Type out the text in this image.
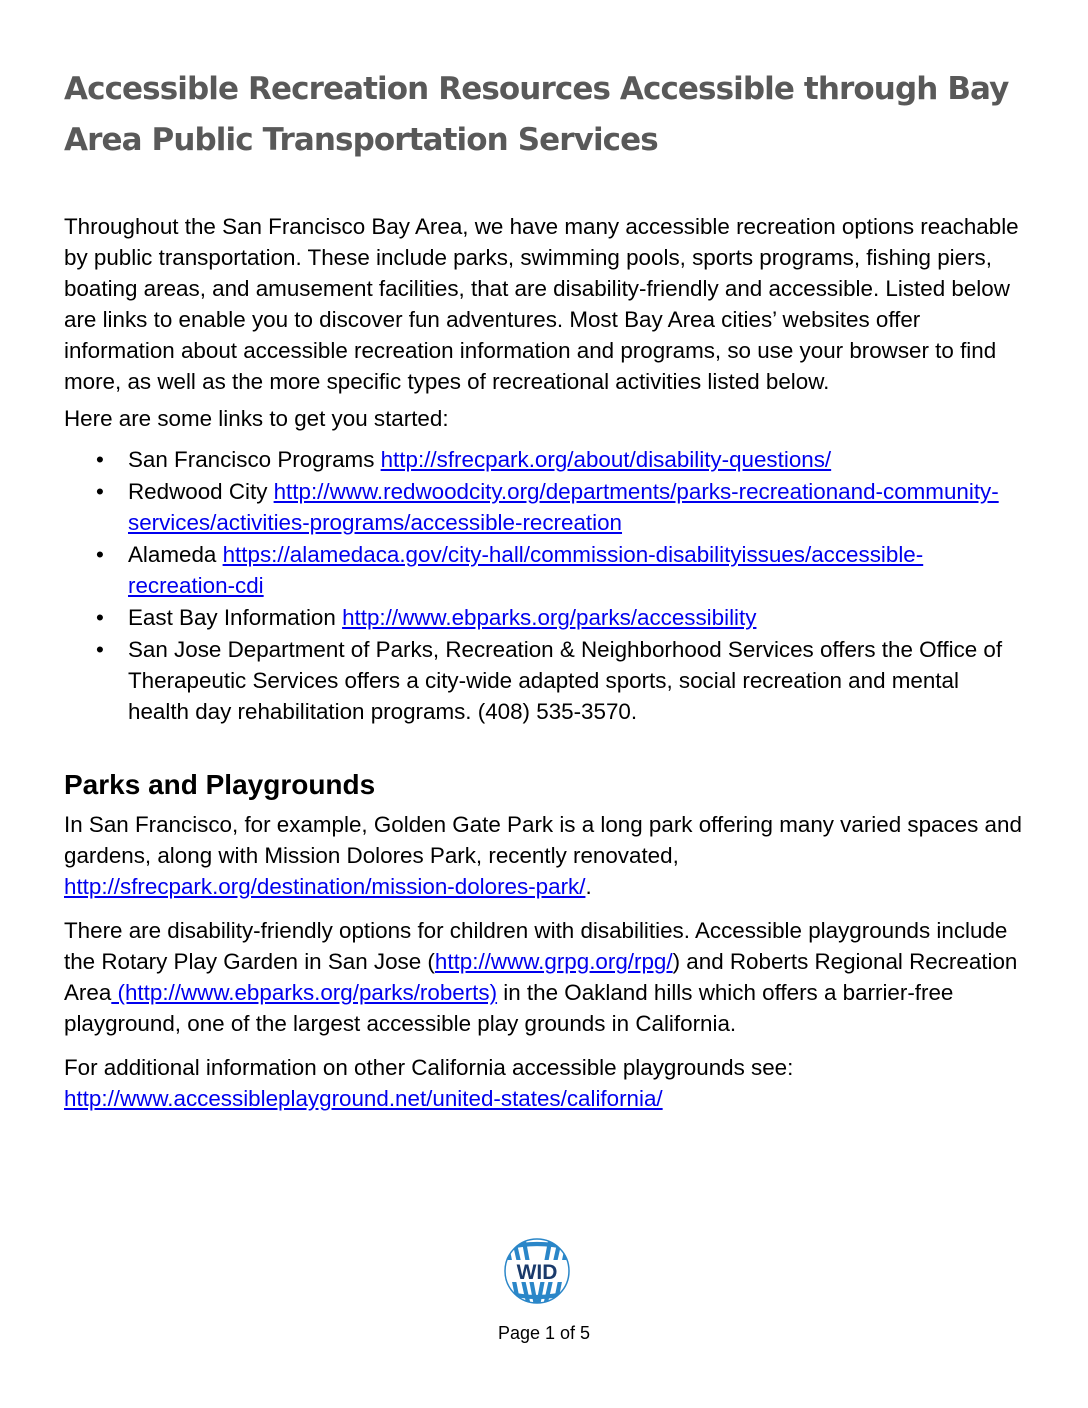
Accessible Recreation Resources Accessible through Bay Area Public Transportation Services

Throughout the San Francisco Bay Area, we have many accessible recreation options reachable by public transportation. These include parks, swimming pools, sports programs, fishing piers, boating areas, and amusement facilities, that are disability-friendly and accessible. Listed below are links to enable you to discover fun adventures. Most Bay Area cities’ websites offer information about accessible recreation information and programs, so use your browser to find more, as well as the more specific types of recreational activities listed below.

Here are some links to get you started:

• San Francisco Programs http://sfrecpark.org/about/disability-questions/
• Redwood City http://www.redwoodcity.org/departments/parks-recreationand-community-services/activities-programs/accessible-recreation
• Alameda https://alamedaca.gov/city-hall/commission-disabilityissues/accessible-recreation-cdi
• East Bay Information http://www.ebparks.org/parks/accessibility
• San Jose Department of Parks, Recreation & Neighborhood Services offers the Office of Therapeutic Services offers a city-wide adapted sports, social recreation and mental health day rehabilitation programs. (408) 535-3570.
Parks and Playgrounds

In San Francisco, for example, Golden Gate Park is a long park offering many varied spaces and gardens, along with Mission Dolores Park, recently renovated, http://sfrecpark.org/destination/mission-dolores-park/.

There are disability-friendly options for children with disabilities. Accessible playgrounds include the Rotary Play Garden in San Jose (http://www.grpg.org/rpg/) and Roberts Regional Recreation Area (http://www.ebparks.org/parks/roberts) in the Oakland hills which offers a barrier-free playground, one of the largest accessible play grounds in California.

For additional information on other California accessible playgrounds see: http://www.accessibleplayground.net/united-states/california/

WID
Page 1 of 5
